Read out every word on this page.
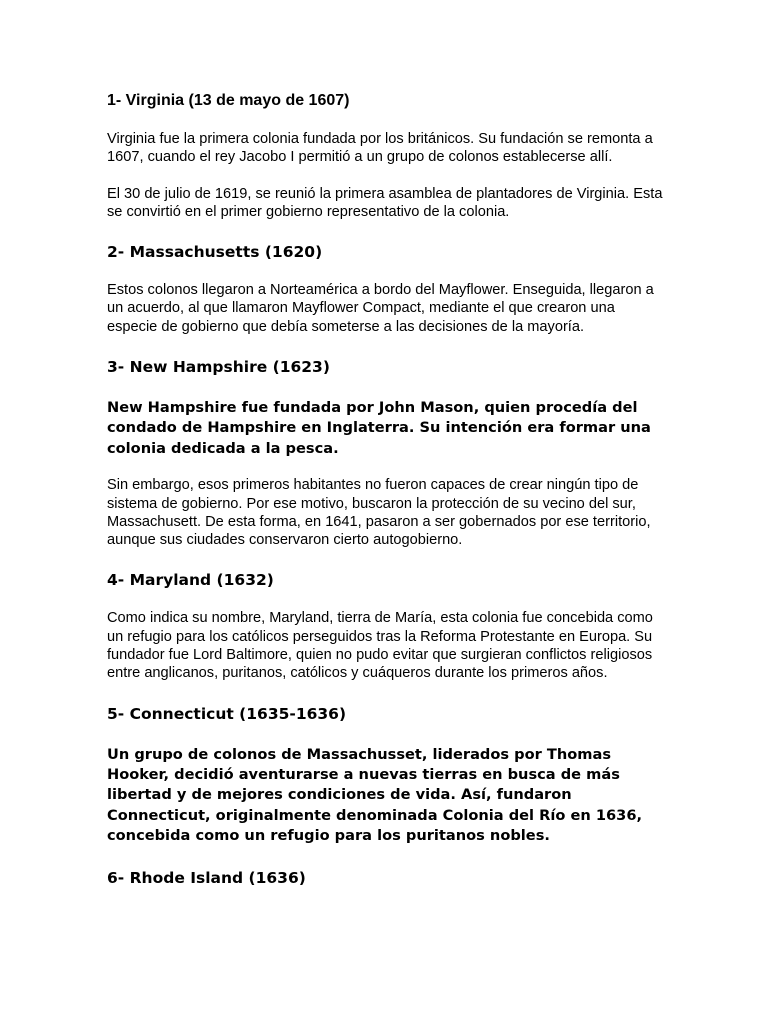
1- Virginia (13 de mayo de 1607)

Virginia fue la primera colonia fundada por los británicos. Su fundación se remonta a 1607, cuando el rey Jacobo I permitió a un grupo de colonos establecerse allí.

El 30 de julio de 1619, se reunió la primera asamblea de plantadores de Virginia. Esta se convirtió en el primer gobierno representativo de la colonia.

2- Massachusetts (1620)

Estos colonos llegaron a Norteamérica a bordo del Mayflower. Enseguida, llegaron a un acuerdo, al que llamaron Mayflower Compact, mediante el que crearon una especie de gobierno que debía someterse a las decisiones de la mayoría.

3- New Hampshire (1623)

New Hampshire fue fundada por John Mason, quien procedía del condado de Hampshire en Inglaterra. Su intención era formar una colonia dedicada a la pesca.

Sin embargo, esos primeros habitantes no fueron capaces de crear ningún tipo de sistema de gobierno. Por ese motivo, buscaron la protección de su vecino del sur, Massachusett. De esta forma, en 1641, pasaron a ser gobernados por ese territorio, aunque sus ciudades conservaron cierto autogobierno.

4- Maryland (1632)

Como indica su nombre, Maryland, tierra de María, esta colonia fue concebida como un refugio para los católicos perseguidos tras la Reforma Protestante en Europa. Su fundador fue Lord Baltimore, quien no pudo evitar que surgieran conflictos religiosos entre anglicanos, puritanos, católicos y cuáqueros durante los primeros años.

5- Connecticut (1635-1636)

Un grupo de colonos de Massachusset, liderados por Thomas Hooker, decidió aventurarse a nuevas tierras en busca de más libertad y de mejores condiciones de vida. Así, fundaron Connecticut, originalmente denominada Colonia del Río en 1636, concebida como un refugio para los puritanos nobles.

6- Rhode Island (1636)
